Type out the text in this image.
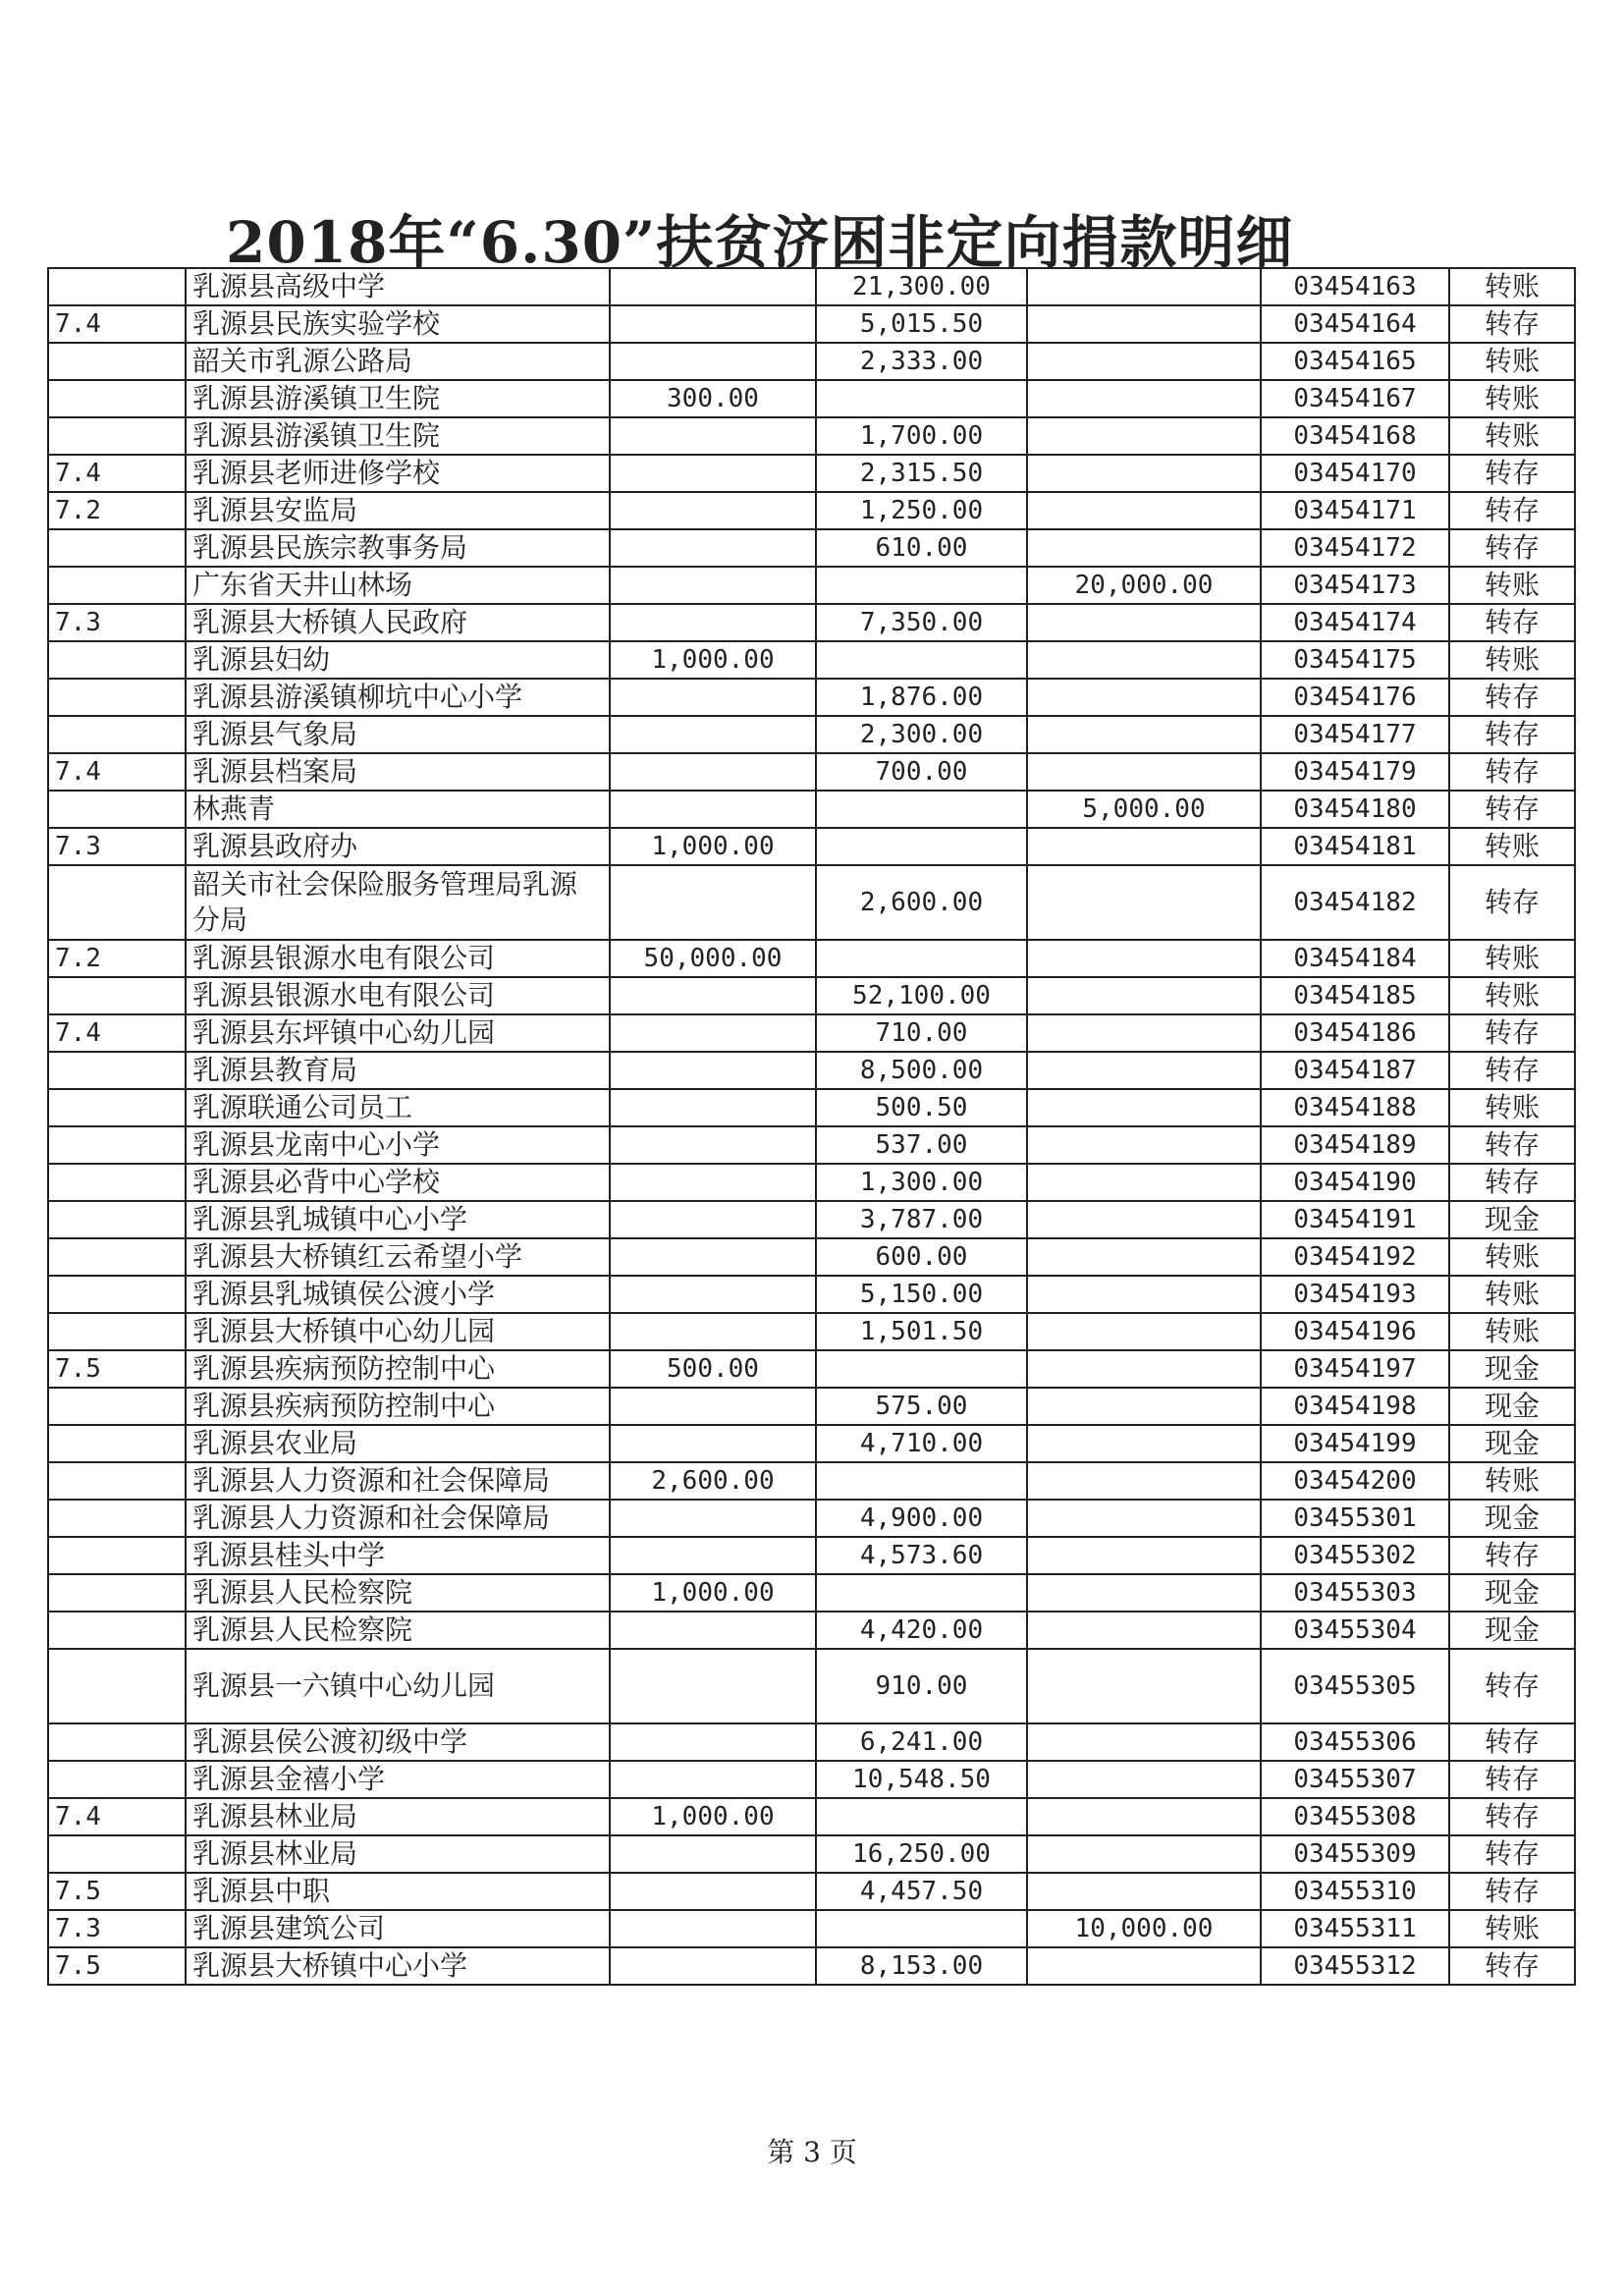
2018年“6.30”扶贫济困非定向捐款明细
	乳源县高级中学		21,300.00		03454163	转账
7.4	乳源县民族实验学校		5,015.50		03454164	转存
	韶关市乳源公路局		2,333.00		03454165	转账
	乳源县游溪镇卫生院	300.00			03454167	转账
	乳源县游溪镇卫生院		1,700.00		03454168	转账
7.4	乳源县老师进修学校		2,315.50		03454170	转存
7.2	乳源县安监局		1,250.00		03454171	转存
	乳源县民族宗教事务局		610.00		03454172	转存
	广东省天井山林场			20,000.00	03454173	转账
7.3	乳源县大桥镇人民政府		7,350.00		03454174	转存
	乳源县妇幼	1,000.00			03454175	转账
	乳源县游溪镇柳坑中心小学		1,876.00		03454176	转存
	乳源县气象局		2,300.00		03454177	转存
7.4	乳源县档案局		700.00		03454179	转存
	林燕青			5,000.00	03454180	转存
7.3	乳源县政府办	1,000.00			03454181	转账
	韶关市社会保险服务管理局乳源分局		2,600.00		03454182	转存
7.2	乳源县银源水电有限公司	50,000.00			03454184	转账
	乳源县银源水电有限公司		52,100.00		03454185	转账
7.4	乳源县东坪镇中心幼儿园		710.00		03454186	转存
	乳源县教育局		8,500.00		03454187	转存
	乳源联通公司员工		500.50		03454188	转账
	乳源县龙南中心小学		537.00		03454189	转存
	乳源县必背中心学校		1,300.00		03454190	转存
	乳源县乳城镇中心小学		3,787.00		03454191	现金
	乳源县大桥镇红云希望小学		600.00		03454192	转账
	乳源县乳城镇侯公渡小学		5,150.00		03454193	转账
	乳源县大桥镇中心幼儿园		1,501.50		03454196	转账
7.5	乳源县疾病预防控制中心	500.00			03454197	现金
	乳源县疾病预防控制中心		575.00		03454198	现金
	乳源县农业局		4,710.00		03454199	现金
	乳源县人力资源和社会保障局	2,600.00			03454200	转账
	乳源县人力资源和社会保障局		4,900.00		03455301	现金
	乳源县桂头中学		4,573.60		03455302	转存
	乳源县人民检察院	1,000.00			03455303	现金
	乳源县人民检察院		4,420.00		03455304	现金
	乳源县一六镇中心幼儿园		910.00		03455305	转存
	乳源县侯公渡初级中学		6,241.00		03455306	转存
	乳源县金禧小学		10,548.50		03455307	转存
7.4	乳源县林业局	1,000.00			03455308	转存
	乳源县林业局		16,250.00		03455309	转存
7.5	乳源县中职		4,457.50		03455310	转存
7.3	乳源县建筑公司			10,000.00	03455311	转账
7.5	乳源县大桥镇中心小学		8,153.00		03455312	转存
第 3 页
